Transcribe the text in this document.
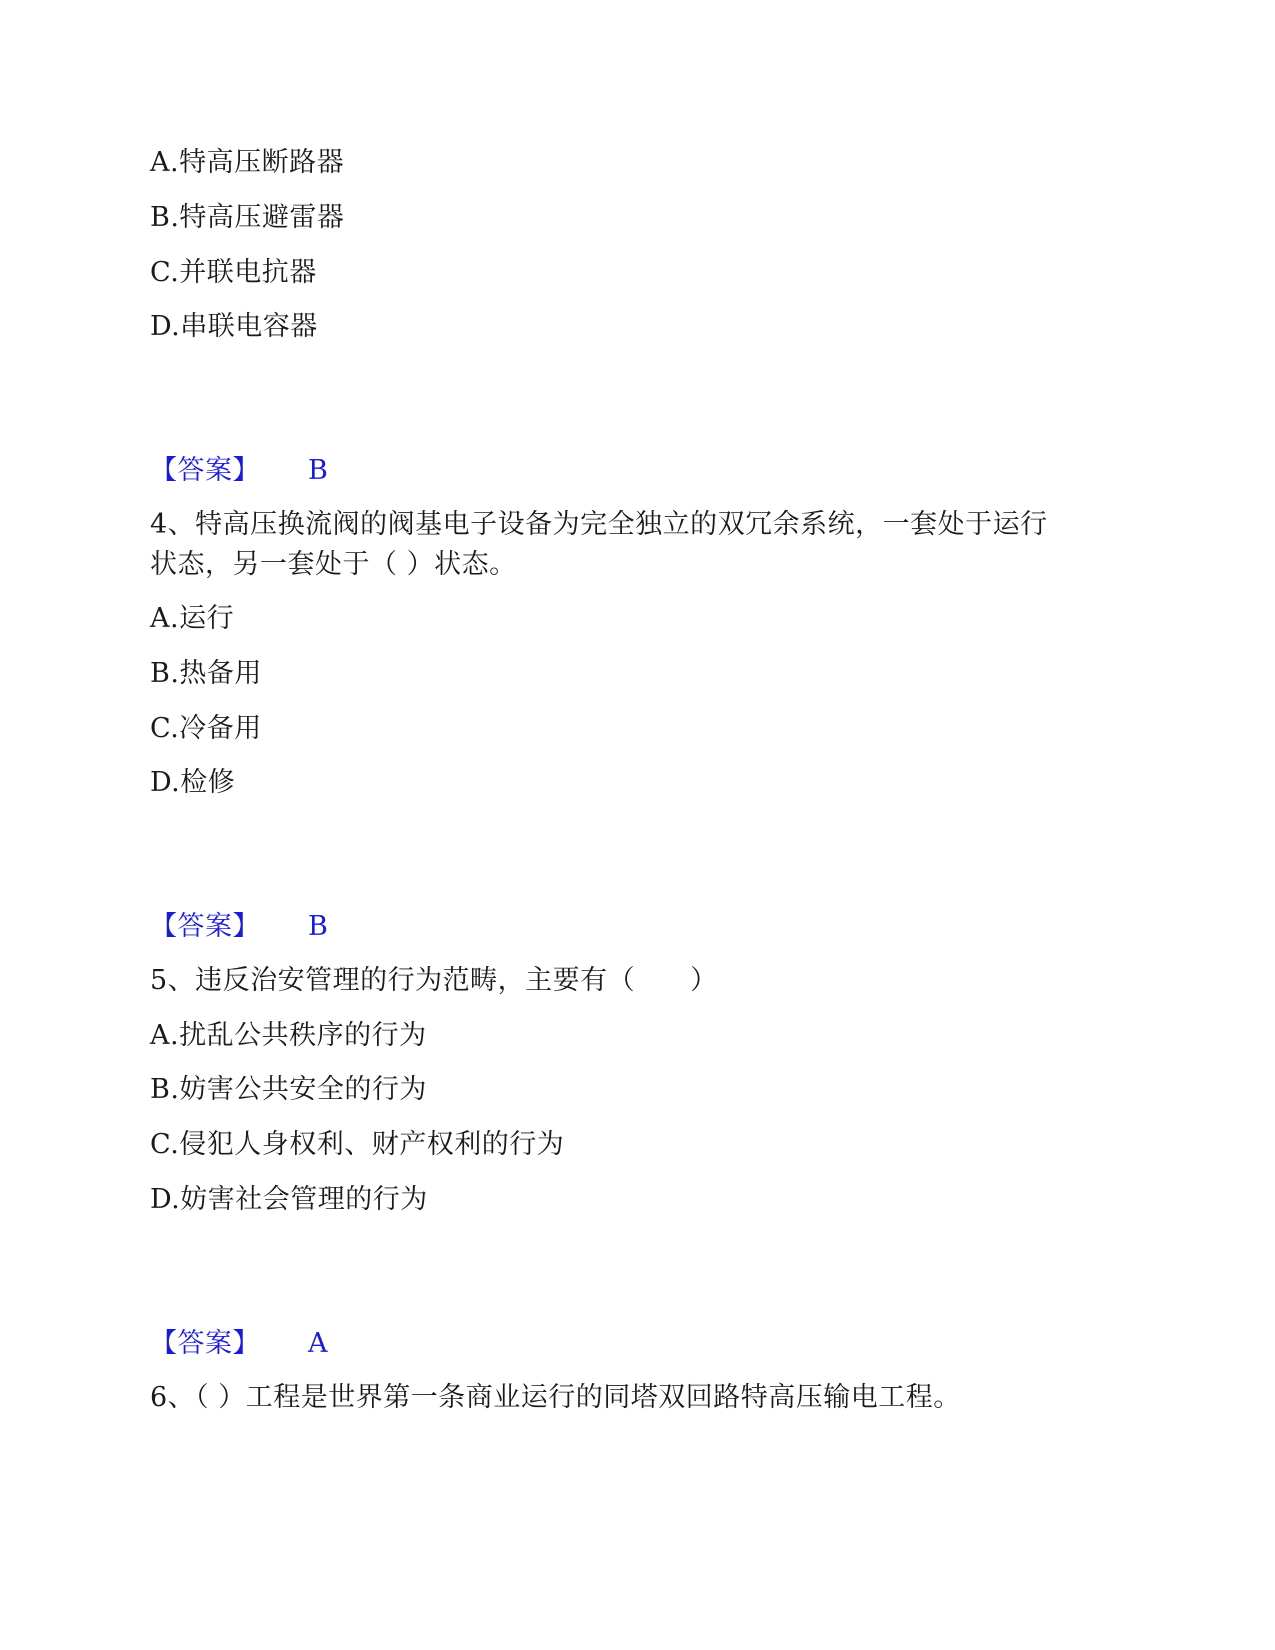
A.特高压断路器
B.特高压避雷器
C.并联电抗器
D.串联电容器
【答案】 B
4、特高压换流阀的阀基电子设备为完全独立的双冗余系统，一套处于运行
状态，另一套处于（ ）状态。
A.运行
B.热备用
C.冷备用
D.检修
【答案】 B
5、违反治安管理的行为范畴，主要有（　　）
A.扰乱公共秩序的行为
B.妨害公共安全的行为
C.侵犯人身权利、财产权利的行为
D.妨害社会管理的行为
【答案】 A
6、（ ）工程是世界第一条商业运行的同塔双回路特高压输电工程。
